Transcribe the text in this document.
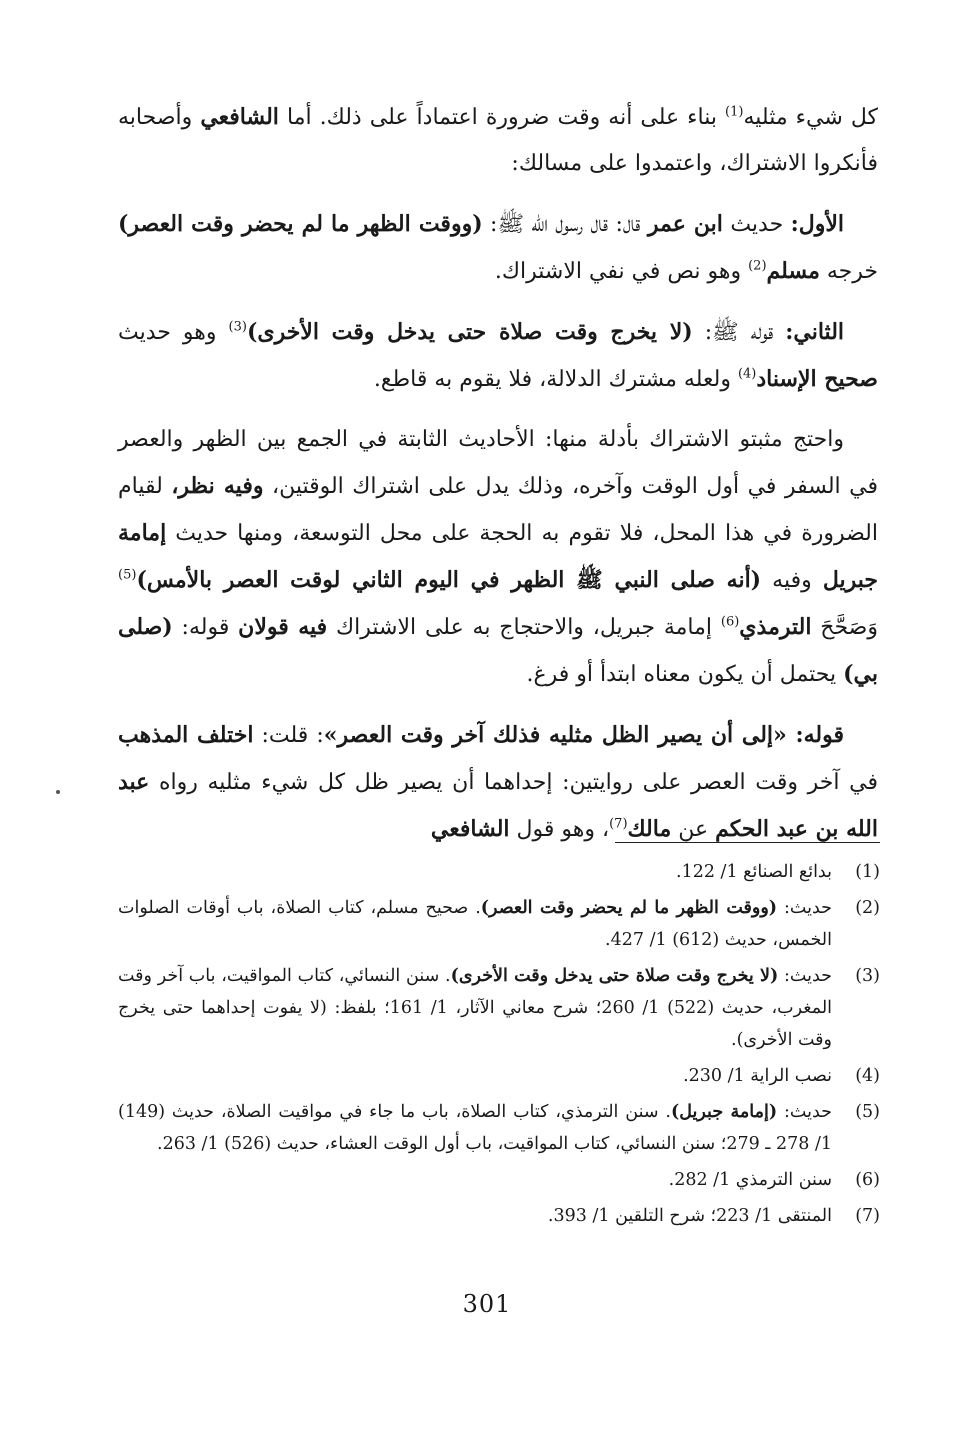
كل شيء مثليه$^{(1)}$ بناء على أنه وقت ضرورة اعتماداً على ذلك. أما الشافعي وأصحابه فأنكروا الاشتراك، واعتمدوا على مسالك:

الأول: حديث ابن عمر قال: قال رسول الله ﷺ: (ووقت الظهر ما لم يحضر وقت العصر) خرجه مسلم$^{(2)}$ وهو نص في نفي الاشتراك.

الثاني: قوله ﷺ: (لا يخرج وقت صلاة حتى يدخل وقت الأخرى)$^{(3)}$ وهو حديث صحيح الإسناد$^{(4)}$ ولعله مشترك الدلالة، فلا يقوم به قاطع.

واحتج مثبتو الاشتراك بأدلة منها: الأحاديث الثابتة في الجمع بين الظهر والعصر في السفر في أول الوقت وآخره، وذلك يدل على اشتراك الوقتين، وفيه نظر، لقيام الضرورة في هذا المحل، فلا تقوم به الحجة على محل التوسعة، ومنها حديث إمامة جبريل وفيه (أنه صلى النبي ﷺ الظهر في اليوم الثاني لوقت العصر بالأمس)$^{(5)}$ وَصَحَّحَ الترمذي$^{(6)}$ إمامة جبريل، والاحتجاج به على الاشتراك فيه قولان قوله: (صلى بي) يحتمل أن يكون معناه ابتدأ أو فرغ.

قوله: «إلى أن يصير الظل مثليه فذلك آخر وقت العصر»: قلت: اختلف المذهب في آخر وقت العصر على روايتين: إحداهما أن يصير ظل كل شيء مثليه رواه عبد الله بن عبد الحكم عن مالك$^{(7)}$، وهو قول الشافعي

(1)
بدائع الصنائع 1/ 122.
(2)
حديث: (ووقت الظهر ما لم يحضر وقت العصر). صحيح مسلم، كتاب الصلاة، باب أوقات الصلوات الخمس، حديث (612) 1/ 427.
(3)
حديث: (لا يخرج وقت صلاة حتى يدخل وقت الأخرى). سنن النسائي، كتاب المواقيت، باب آخر وقت المغرب، حديث (522) 1/ 260؛ شرح معاني الآثار، 1/ 161؛ بلفظ: (لا يفوت إحداهما حتى يخرج وقت الأخرى).
(4)
نصب الراية 1/ 230.
(5)
حديث: (إمامة جبريل). سنن الترمذي، كتاب الصلاة، باب ما جاء في مواقيت الصلاة، حديث (149) 1/ 278 ـ 279؛ سنن النسائي، كتاب المواقيت، باب أول الوقت العشاء، حديث (526) 1/ 263.
(6)
سنن الترمذي 1/ 282.
(7)
المنتقى 1/ 223؛ شرح التلقين 1/ 393.
301
